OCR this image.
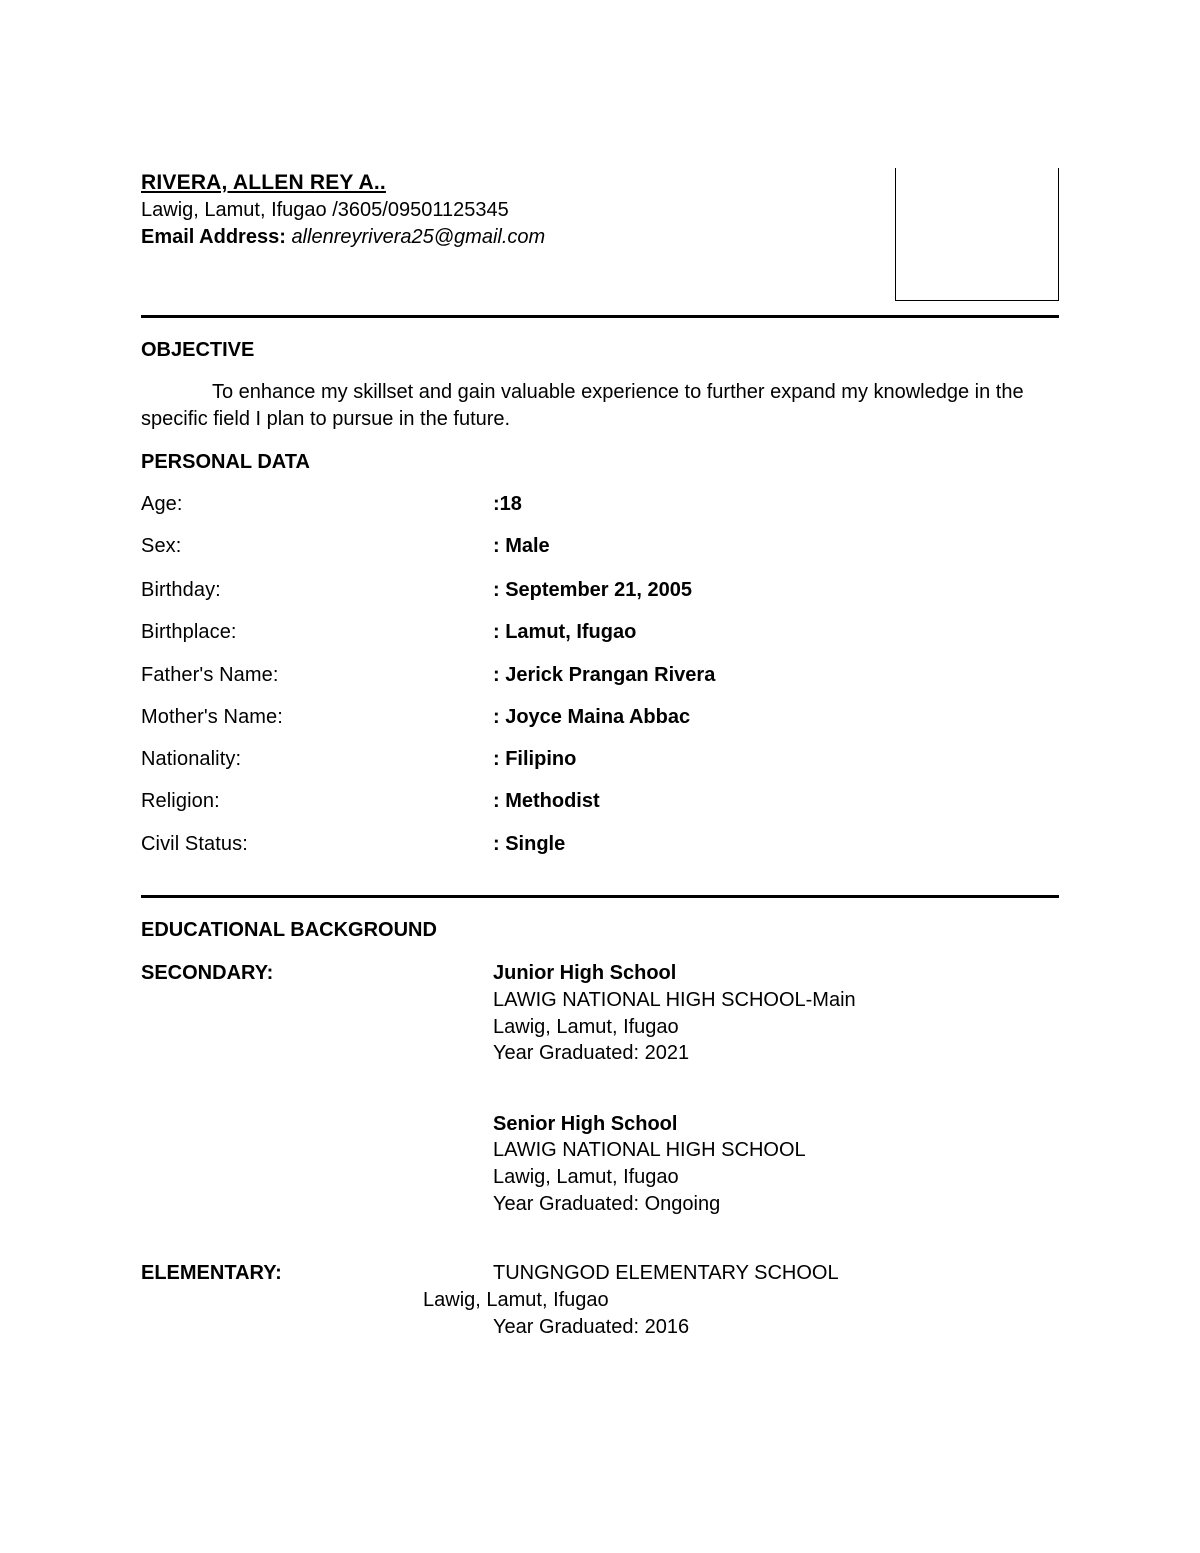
RIVERA, ALLEN REY A..
Lawig, Lamut, Ifugao /3605/09501125345
Email Address: allenreyrivera25@gmail.com
OBJECTIVE
To enhance my skillset and gain valuable experience to further expand my knowledge in the specific field I plan to pursue in the future.
PERSONAL DATA
Age:	:18
Sex:	: Male
Birthday:	: September 21, 2005
Birthplace:	: Lamut, Ifugao
Father's Name:	: Jerick Prangan Rivera
Mother's Name:	: Joyce Maina Abbac
Nationality:	: Filipino
Religion:	: Methodist
Civil Status:	: Single
EDUCATIONAL BACKGROUND
SECONDARY:	Junior High School
LAWIG NATIONAL HIGH SCHOOL-Main
Lawig, Lamut, Ifugao
Year Graduated: 2021
Senior High School
LAWIG NATIONAL HIGH SCHOOL
Lawig, Lamut, Ifugao
Year Graduated: Ongoing
ELEMENTARY:	TUNGNGOD ELEMENTARY SCHOOL
Lawig, Lamut, Ifugao
Year Graduated: 2016
